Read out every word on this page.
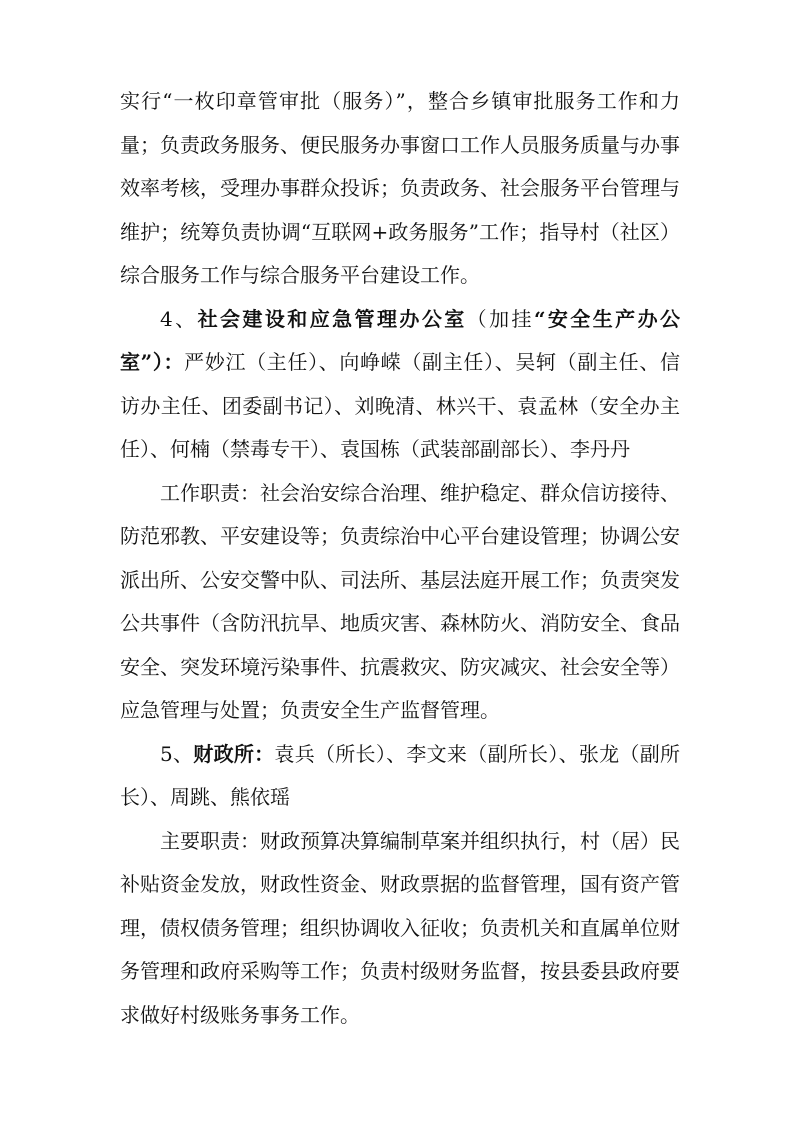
实行“一枚印章管审批（服务）”，整合乡镇审批服务工作和力量；负责政务服务、便民服务办事窗口工作人员服务质量与办事效率考核，受理办事群众投诉；负责政务、社会服务平台管理与维护；统筹负责协调“互联网+政务服务”工作；指导村（社区）综合服务工作与综合服务平台建设工作。

4、社会建设和应急管理办公室（加挂“安全生产办公室”）：严妙江（主任）、向峥嵘（副主任）、吴轲（副主任、信访办主任、团委副书记）、刘晚清、林兴干、袁孟林（安全办主任）、何楠（禁毒专干）、袁国栋（武装部副部长）、李丹丹

工作职责：社会治安综合治理、维护稳定、群众信访接待、防范邪教、平安建设等；负责综治中心平台建设管理；协调公安派出所、公安交警中队、司法所、基层法庭开展工作；负责突发公共事件（含防汛抗旱、地质灾害、森林防火、消防安全、食品安全、突发环境污染事件、抗震救灾、防灾减灾、社会安全等）应急管理与处置；负责安全生产监督管理。

5、财政所：袁兵（所长）、李文来（副所长）、张龙（副所长）、周跳、熊依瑶

主要职责：财政预算决算编制草案并组织执行，村（居）民补贴资金发放，财政性资金、财政票据的监督管理，国有资产管理，债权债务管理；组织协调收入征收；负责机关和直属单位财务管理和政府采购等工作；负责村级财务监督，按县委县政府要求做好村级账务事务工作。
